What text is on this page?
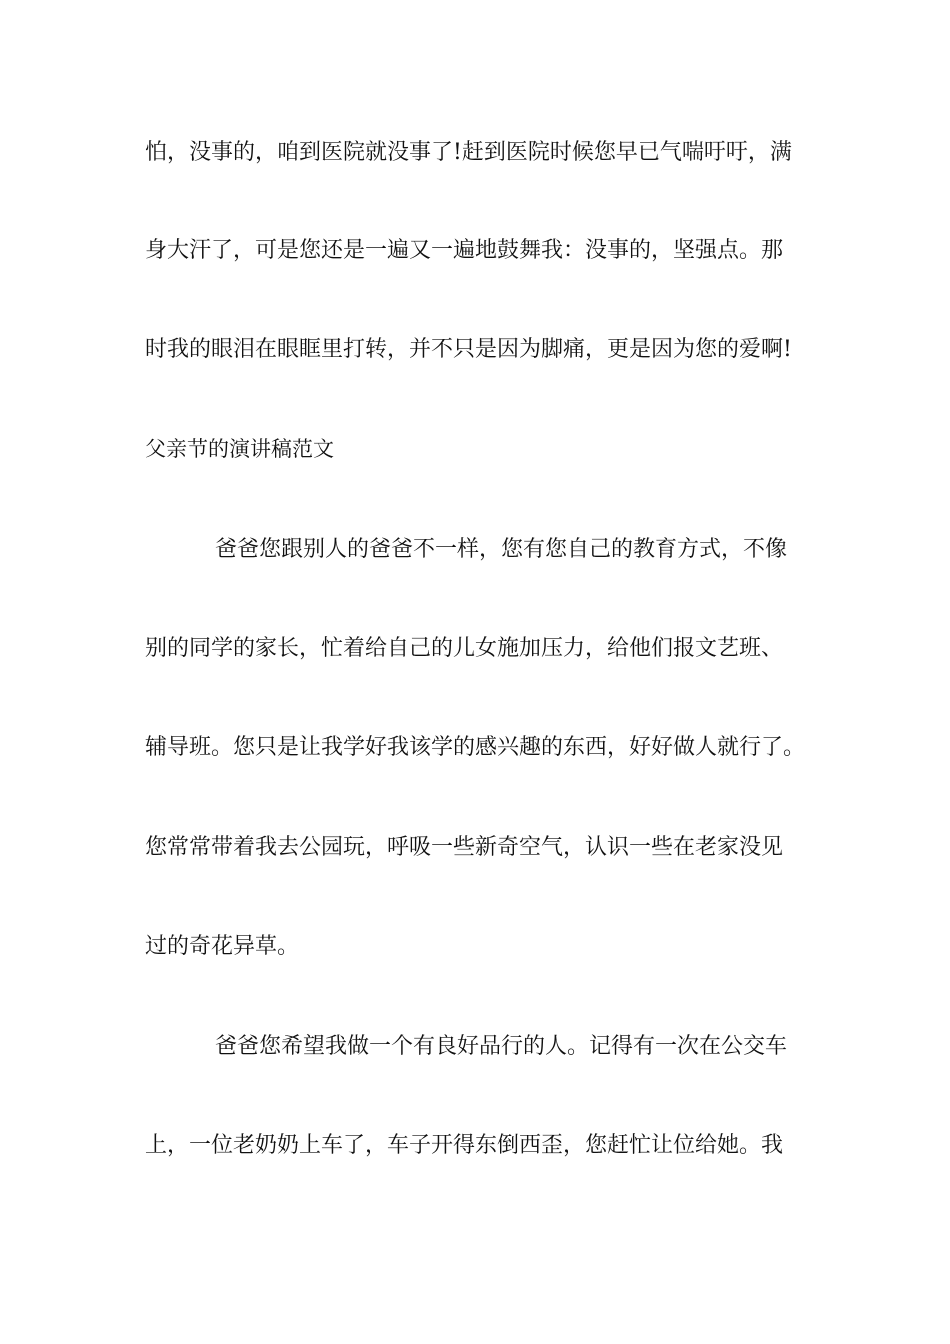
怕，没事的，咱到医院就没事了!赶到医院时候您早已气喘吁吁，满
身大汗了，可是您还是一遍又一遍地鼓舞我：没事的，坚强点。那
时我的眼泪在眼眶里打转，并不只是因为脚痛，更是因为您的爱啊!
父亲节的演讲稿范文
爸爸您跟别人的爸爸不一样，您有您自己的教育方式，不像
别的同学的家长，忙着给自己的儿女施加压力，给他们报文艺班、
辅导班。您只是让我学好我该学的感兴趣的东西，好好做人就行了。
您常常带着我去公园玩，呼吸一些新奇空气，认识一些在老家没见
过的奇花异草。
爸爸您希望我做一个有良好品行的人。记得有一次在公交车
上，一位老奶奶上车了，车子开得东倒西歪，您赶忙让位给她。我
